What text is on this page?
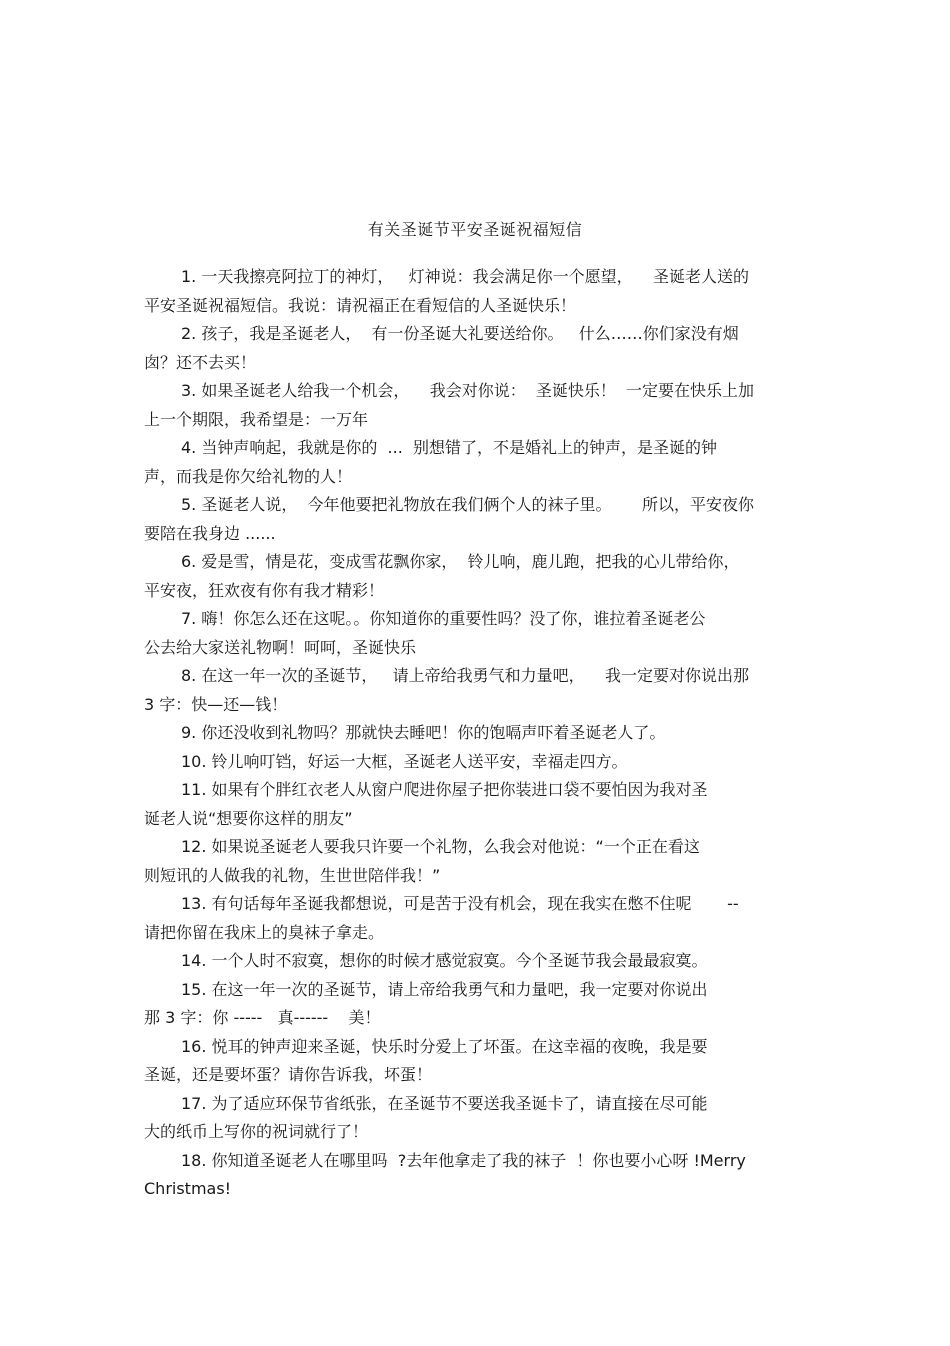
有关圣诞节平安圣诞祝福短信
1. 一天我擦亮阿拉丁的神灯，   灯神说：我会满足你一个愿望，    圣诞老人送的
平安圣诞祝福短信。我说：请祝福正在看短信的人圣诞快乐！
2. 孩子，我是圣诞老人，  有一份圣诞大礼要送给你。   什么……你们家没有烟
囱？还不去买！
3. 如果圣诞老人给我一个机会，    我会对你说：  圣诞快乐！  一定要在快乐上加
上一个期限，我希望是：一万年
4. 当钟声响起，我就是你的  ...  别想错了，不是婚礼上的钟声，是圣诞的钟
声，而我是你欠给礼物的人！
5. 圣诞老人说，  今年他要把礼物放在我们俩个人的袜子里。      所以，平安夜你
要陪在我身边 ......
6. 爱是雪，情是花，变成雪花飘你家，  铃儿响，鹿儿跑，把我的心儿带给你，
平安夜，狂欢夜有你有我才精彩！
7. 嗨！你怎么还在这呢。。你知道你的重要性吗？没了你，谁拉着圣诞老公
公去给大家送礼物啊！呵呵，圣诞快乐
8. 在这一年一次的圣诞节，   请上帝给我勇气和力量吧，    我一定要对你说出那
3 字：快—还—钱！
9. 你还没收到礼物吗？那就快去睡吧！你的饱嗝声吓着圣诞老人了。
10. 铃儿响叮铛，好运一大框，圣诞老人送平安，幸福走四方。
11. 如果有个胖红衣老人从窗户爬进你屋子把你装进口袋不要怕因为我对圣
诞老人说“想要你这样的朋友”
12. 如果说圣诞老人要我只许要一个礼物，么我会对他说：“一个正在看这
则短讯的人做我的礼物，生世世陪伴我！”
13. 有句话每年圣诞我都想说，可是苦于没有机会，现在我实在憋不住呢       --
请把你留在我床上的臭袜子拿走。
14. 一个人时不寂寞，想你的时候才感觉寂寞。今个圣诞节我会最最寂寞。
15. 在这一年一次的圣诞节，请上帝给我勇气和力量吧，我一定要对你说出
那 3 字：你 -----   真------    美！
16. 悦耳的钟声迎来圣诞，快乐时分爱上了坏蛋。在这幸福的夜晚，我是要
圣诞，还是要坏蛋？请你告诉我，坏蛋！
17. 为了适应环保节省纸张，在圣诞节不要送我圣诞卡了，请直接在尽可能
大的纸币上写你的祝词就行了！
18. 你知道圣诞老人在哪里吗  ?去年他拿走了我的袜子  ！你也要小心呀 !Merry
Christmas!
